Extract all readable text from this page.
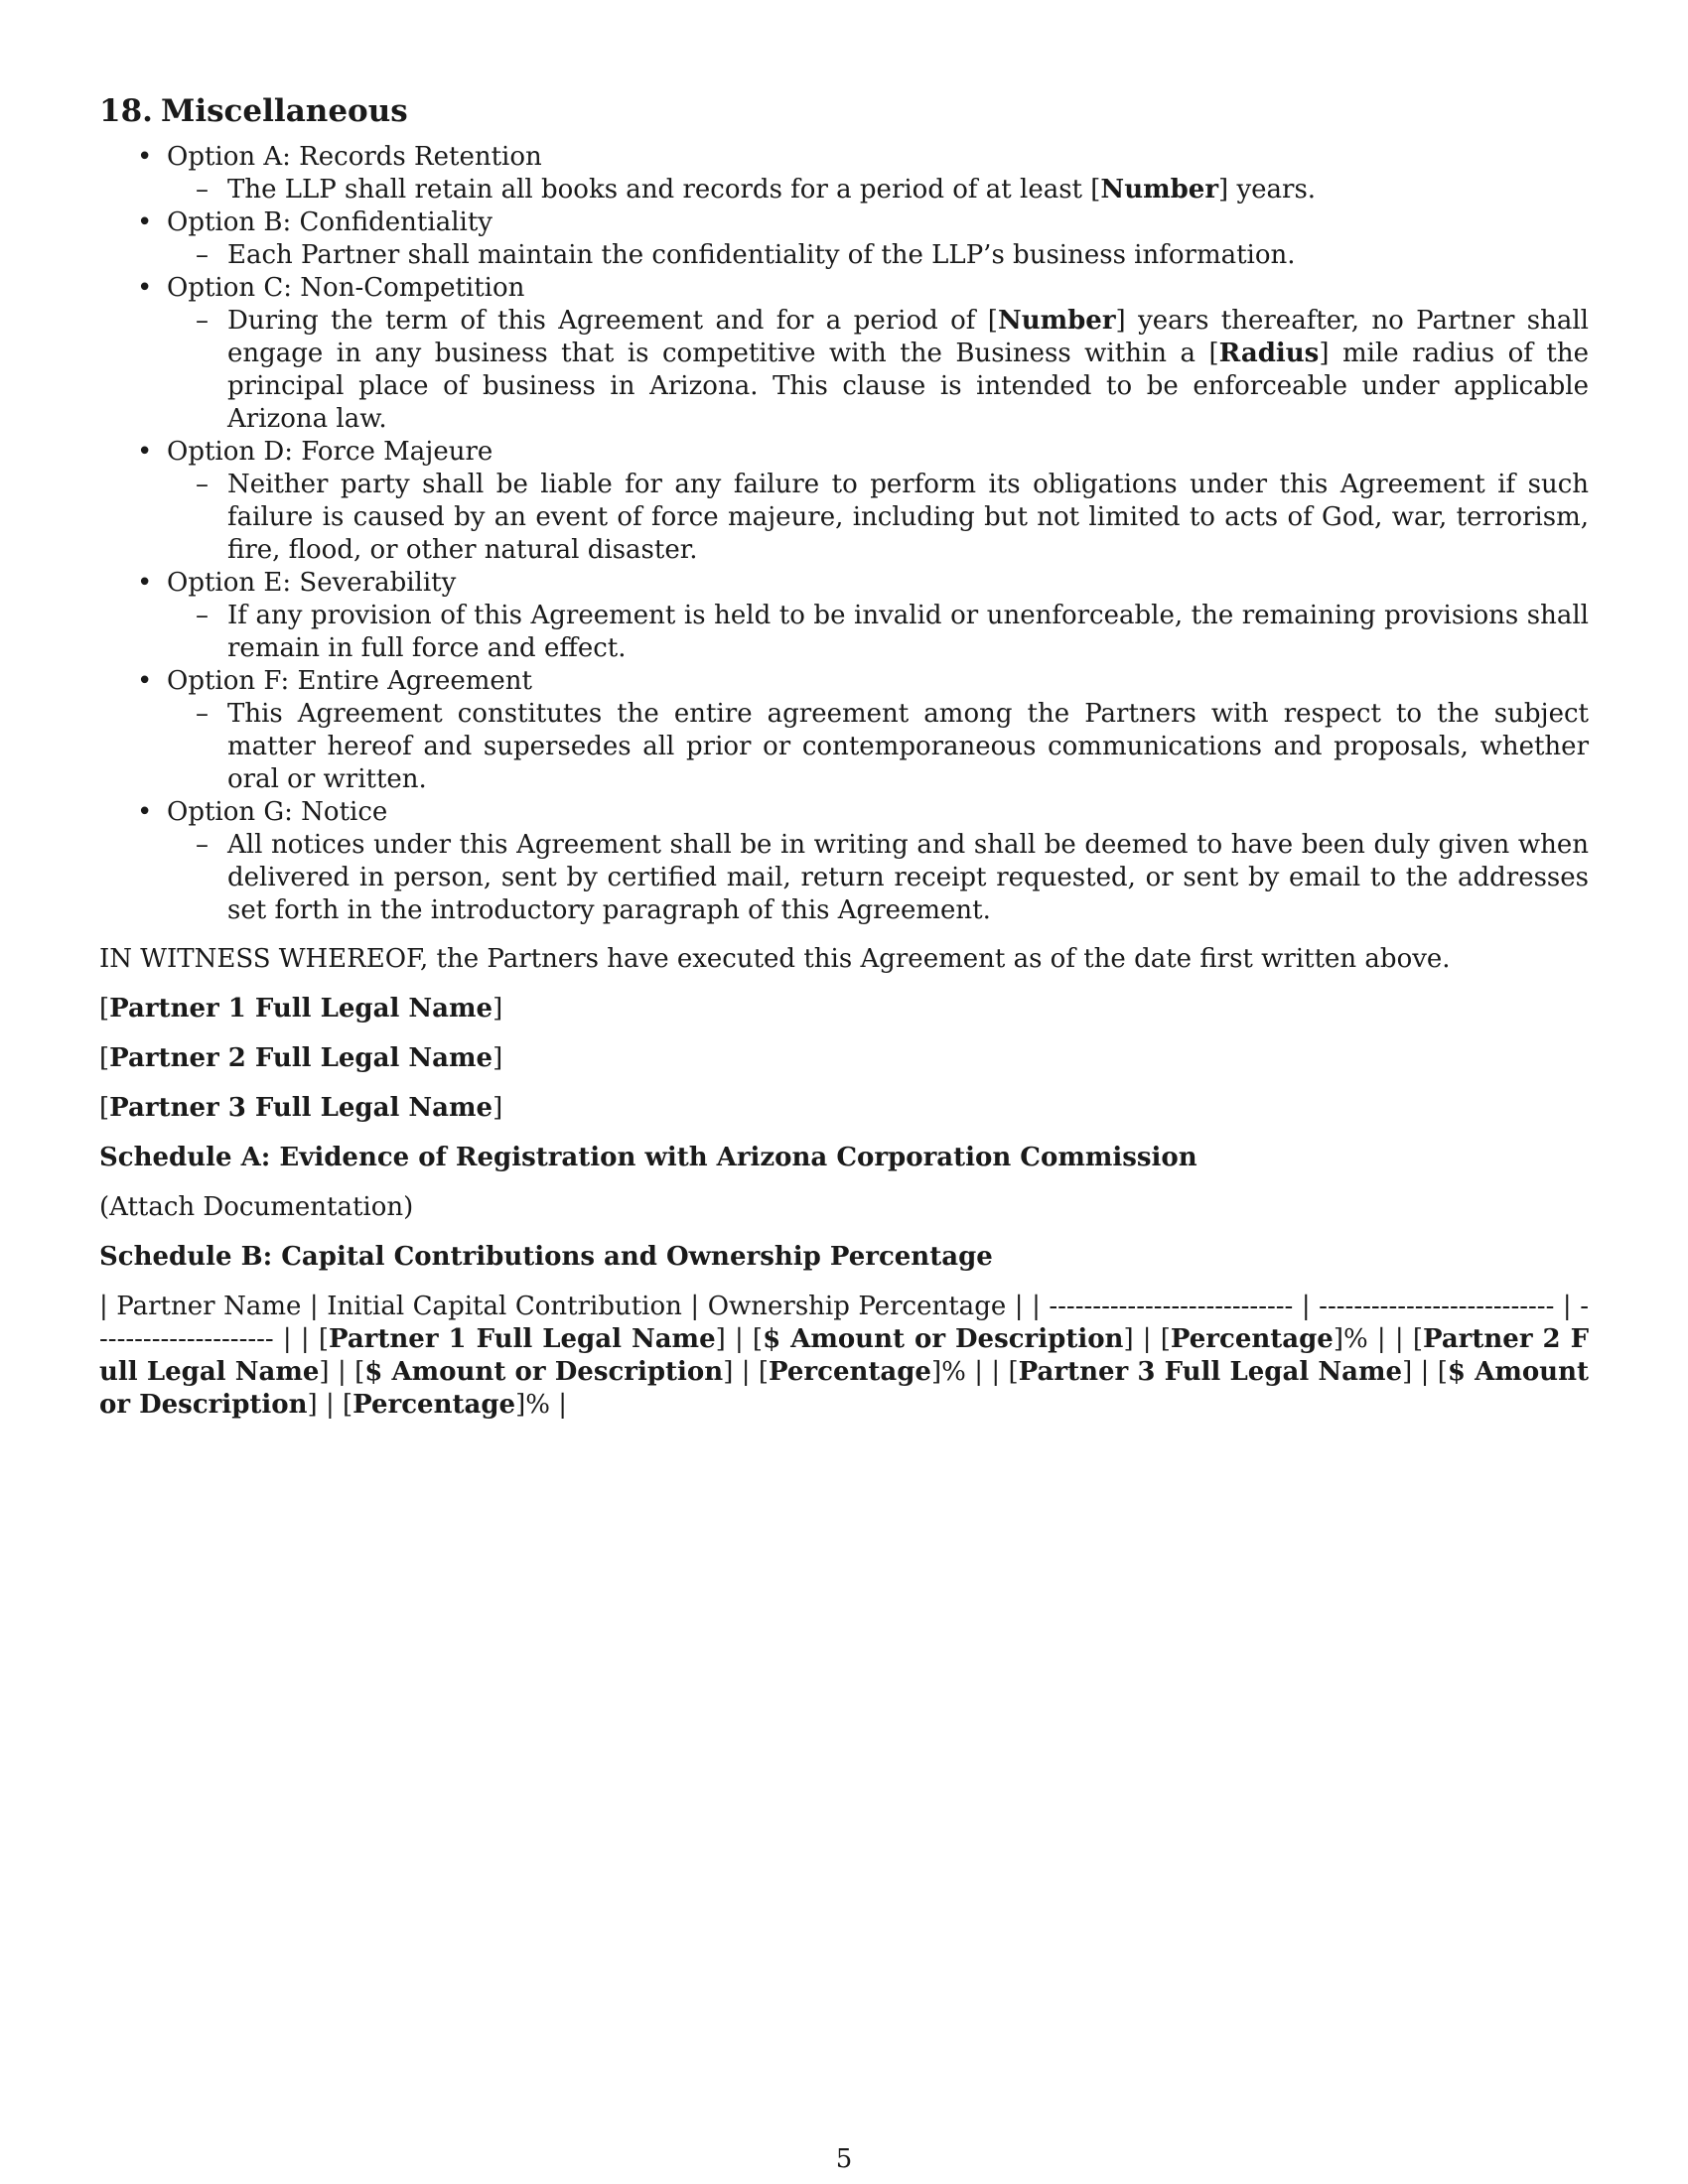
18. Miscellaneous
• Option A: Records Retention
– The LLP shall retain all books and records for a period of at least [Number] years.
• Option B: Confidentiality
– Each Partner shall maintain the confidentiality of the LLP’s business information.
• Option C: Non-Competition
– During the term of this Agreement and for a period of [Number] years thereafter, no Partner shall engage in any business that is competitive with the Business within a [Radius] mile radius of the principal place of business in Arizona. This clause is intended to be enforceable under applicable Arizona law.
• Option D: Force Majeure
– Neither party shall be liable for any failure to perform its obligations under this Agreement if such failure is caused by an event of force majeure, including but not limited to acts of God, war, terrorism, fire, flood, or other natural disaster.
• Option E: Severability
– If any provision of this Agreement is held to be invalid or unenforceable, the remaining provisions shall remain in full force and effect.
• Option F: Entire Agreement
– This Agreement constitutes the entire agreement among the Partners with respect to the subject matter hereof and supersedes all prior or contemporaneous communications and proposals, whether oral or written.
• Option G: Notice
– All notices under this Agreement shall be in writing and shall be deemed to have been duly given when delivered in person, sent by certified mail, return receipt requested, or sent by email to the addresses set forth in the introductory paragraph of this Agreement.

IN WITNESS WHEREOF, the Partners have executed this Agreement as of the date first written above.

[Partner 1 Full Legal Name]

[Partner 2 Full Legal Name]

[Partner 3 Full Legal Name]

Schedule A: Evidence of Registration with Arizona Corporation Commission

(Attach Documentation)

Schedule B: Capital Contributions and Ownership Percentage

| Partner Name | Initial Capital Contribution | Ownership Percentage | | ---------------------------- | --------------------------- | --------------------- | | [Partner 1 Full Legal Name] | [$ Amount or Description] | [Percentage]% | | [Partner 2 Full Legal Name] | [$ Amount or Description] | [Percentage]% | | [Partner 3 Full Legal Name] | [$ Amount or Description] | [Percentage]% |

5
